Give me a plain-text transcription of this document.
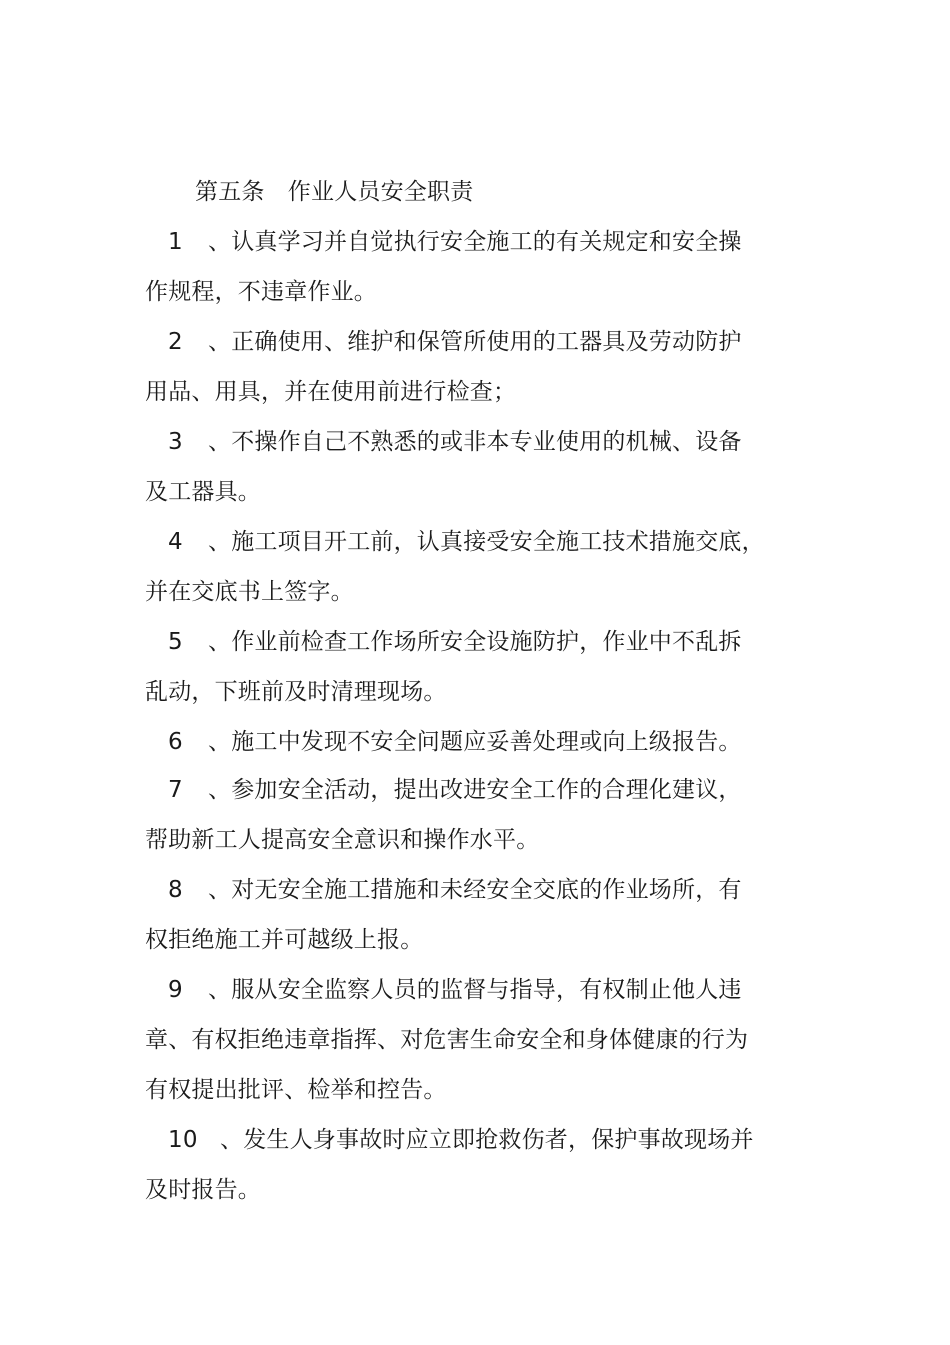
第五条　作业人员安全职责
1 、认真学习并自觉执行安全施工的有关规定和安全操
作规程，不违章作业。
2 、正确使用、维护和保管所使用的工器具及劳动防护
用品、用具，并在使用前进行检查；
3 、不操作自己不熟悉的或非本专业使用的机械、设备
及工器具。
4 、施工项目开工前，认真接受安全施工技术措施交底，
并在交底书上签字。
5 、作业前检查工作场所安全设施防护，作业中不乱拆
乱动，下班前及时清理现场。
6 、施工中发现不安全问题应妥善处理或向上级报告。
7 、参加安全活动，提出改进安全工作的合理化建议，
帮助新工人提高安全意识和操作水平。
8 、对无安全施工措施和未经安全交底的作业场所，有
权拒绝施工并可越级上报。
9 、服从安全监察人员的监督与指导，有权制止他人违
章、有权拒绝违章指挥、对危害生命安全和身体健康的行为
有权提出批评、检举和控告。
10 、发生人身事故时应立即抢救伤者，保护事故现场并
及时报告。
